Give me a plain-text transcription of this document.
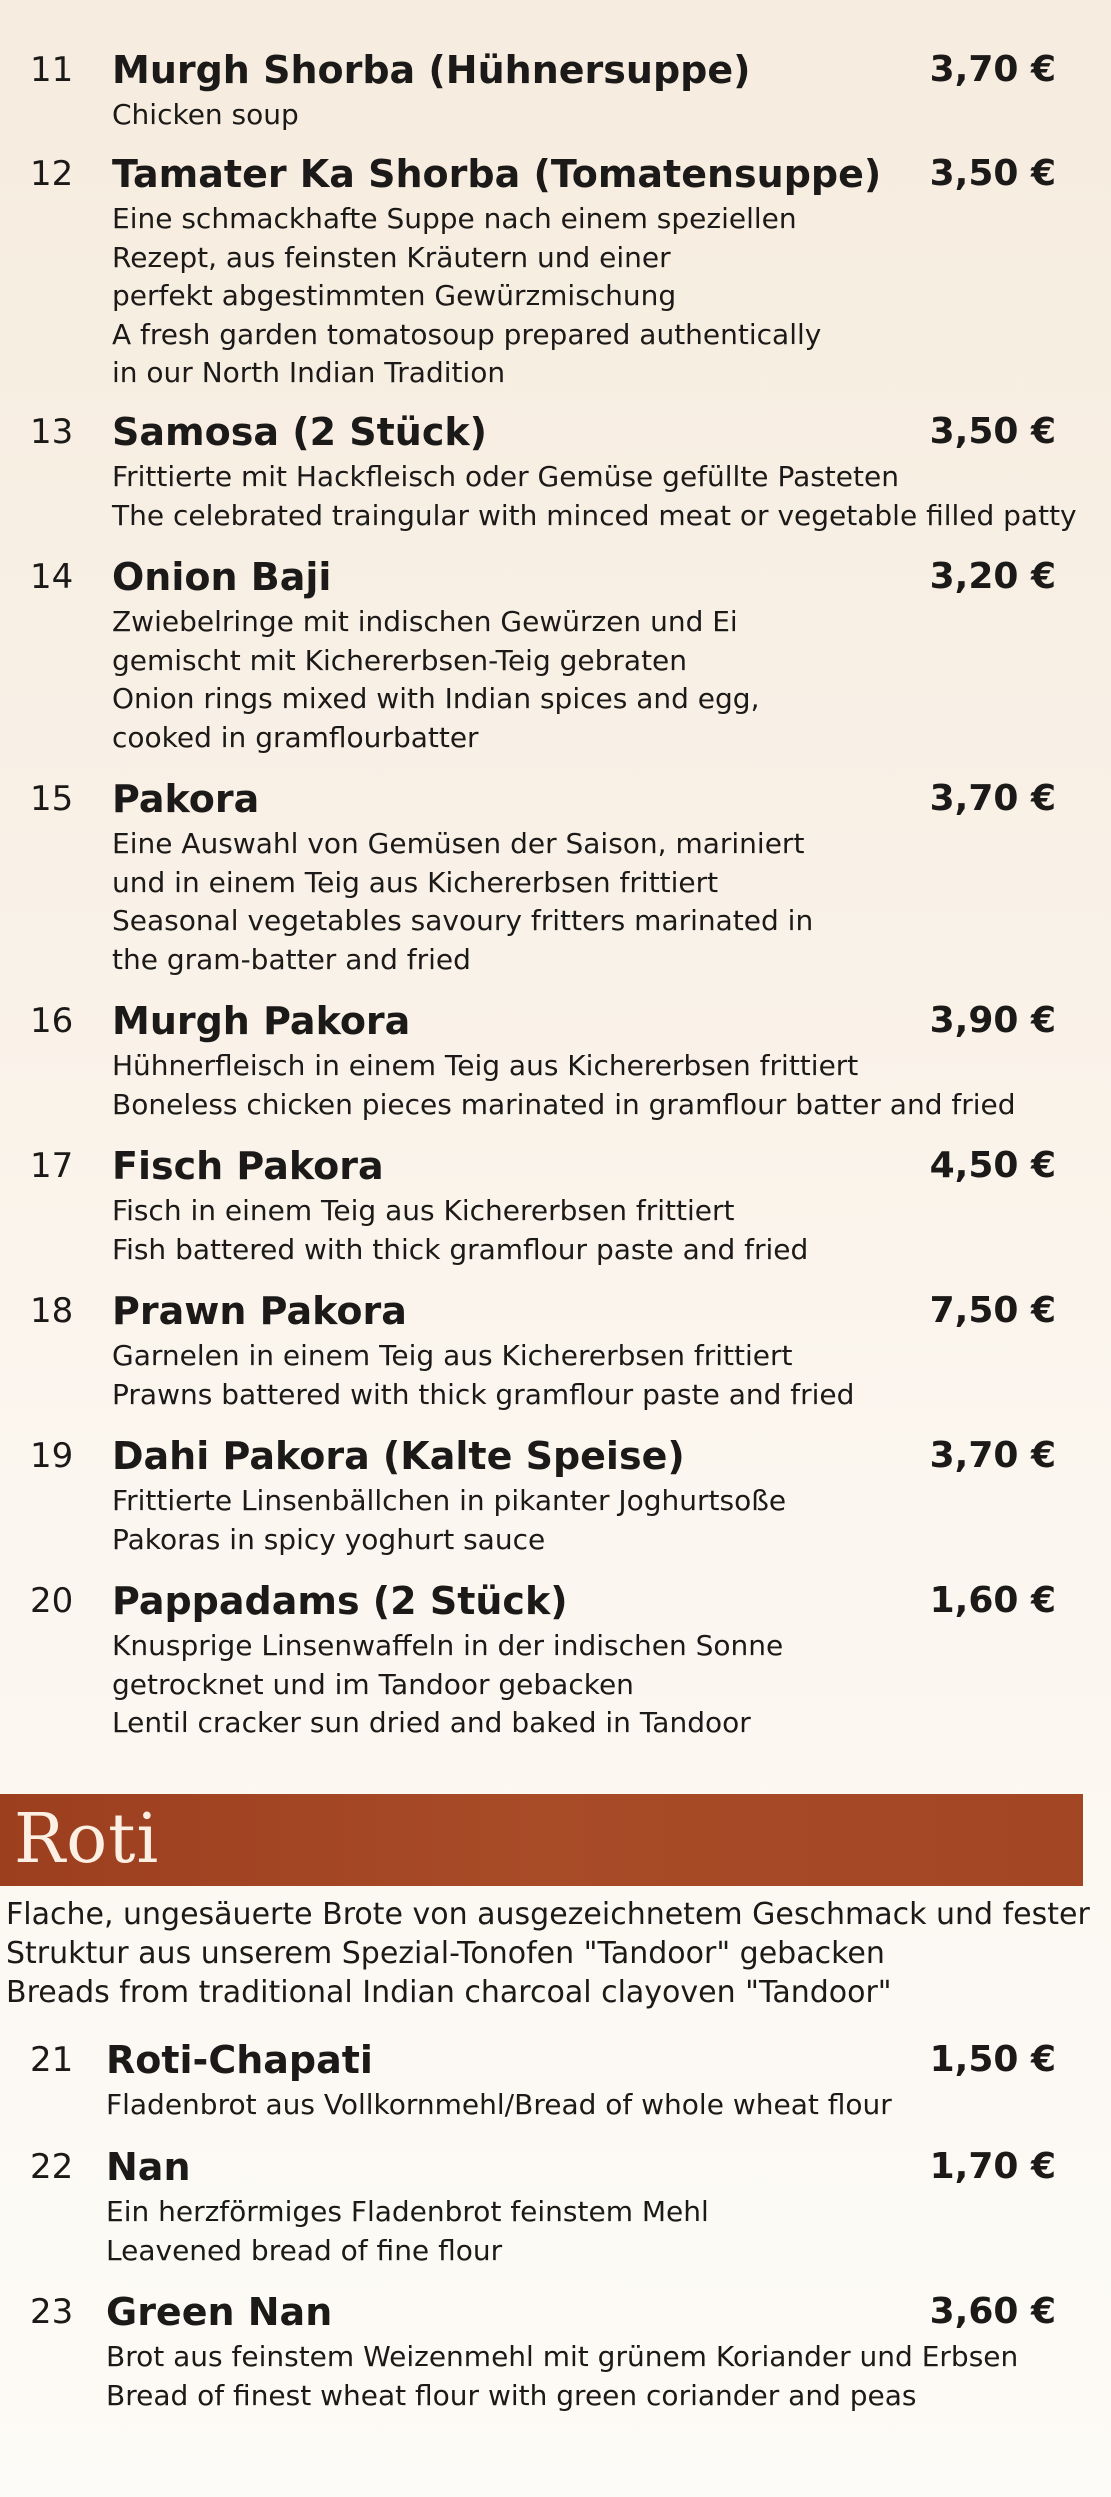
11 Murgh Shorba (Hühnersuppe)	3,70 €
Chicken soup
12 Tamater Ka Shorba (Tomatensuppe) 3,50 €
Eine schmackhafte Suppe nach einem speziellen
Rezept, aus feinsten Kräutern und einer
perfekt abgestimmten Gewürzmischung
A fresh garden tomatosoup prepared authentically
in our North Indian Tradition
13 Samosa (2 Stück)	3,50 €
Frittierte mit Hackfleisch oder Gemüse gefüllte Pasteten
The celebrated traingular with minced meat or vegetable filled patty
14 Onion Baji	3,20 €
Zwiebelringe mit indischen Gewürzen und Ei
gemischt mit Kichererbsen-Teig gebraten
Onion rings mixed with Indian spices and egg,
cooked in gramflourbatter
15 Pakora	3,70 €
Eine Auswahl von Gemüsen der Saison, mariniert
und in einem Teig aus Kichererbsen frittiert
Seasonal vegetables savoury fritters marinated in
the gram-batter and fried
16 Murgh Pakora	3,90 €
Hühnerfleisch in einem Teig aus Kichererbsen frittiert
Boneless chicken pieces marinated in gramflour batter and fried
17 Fisch Pakora	4,50 €
Fisch in einem Teig aus Kichererbsen frittiert
Fish battered with thick gramflour paste and fried
18 Prawn Pakora	7,50 €
Garnelen in einem Teig aus Kichererbsen frittiert
Prawns battered with thick gramflour paste and fried
19 Dahi Pakora (Kalte Speise)	3,70 €
Frittierte Linsenbällchen in pikanter Joghurtsoße
Pakoras in spicy yoghurt sauce
20 Pappadams (2 Stück)	1,60 €
Knusprige Linsenwaffeln in der indischen Sonne
getrocknet und im Tandoor gebacken
Lentil cracker sun dried and baked in Tandoor
Roti
Flache, ungesäuerte Brote von ausgezeichnetem Geschmack und fester
Struktur aus unserem Spezial-Tonofen "Tandoor" gebacken
Breads from traditional Indian charcoal clayoven "Tandoor"
21 Roti-Chapati	1,50 €
Fladenbrot aus Vollkornmehl/Bread of whole wheat flour
22 Nan	1,70 €
Ein herzförmiges Fladenbrot feinstem Mehl
Leavened bread of fine flour
23 Green Nan	3,60 €
Brot aus feinstem Weizenmehl mit grünem Koriander und Erbsen
Bread of finest wheat flour with green coriander and peas
